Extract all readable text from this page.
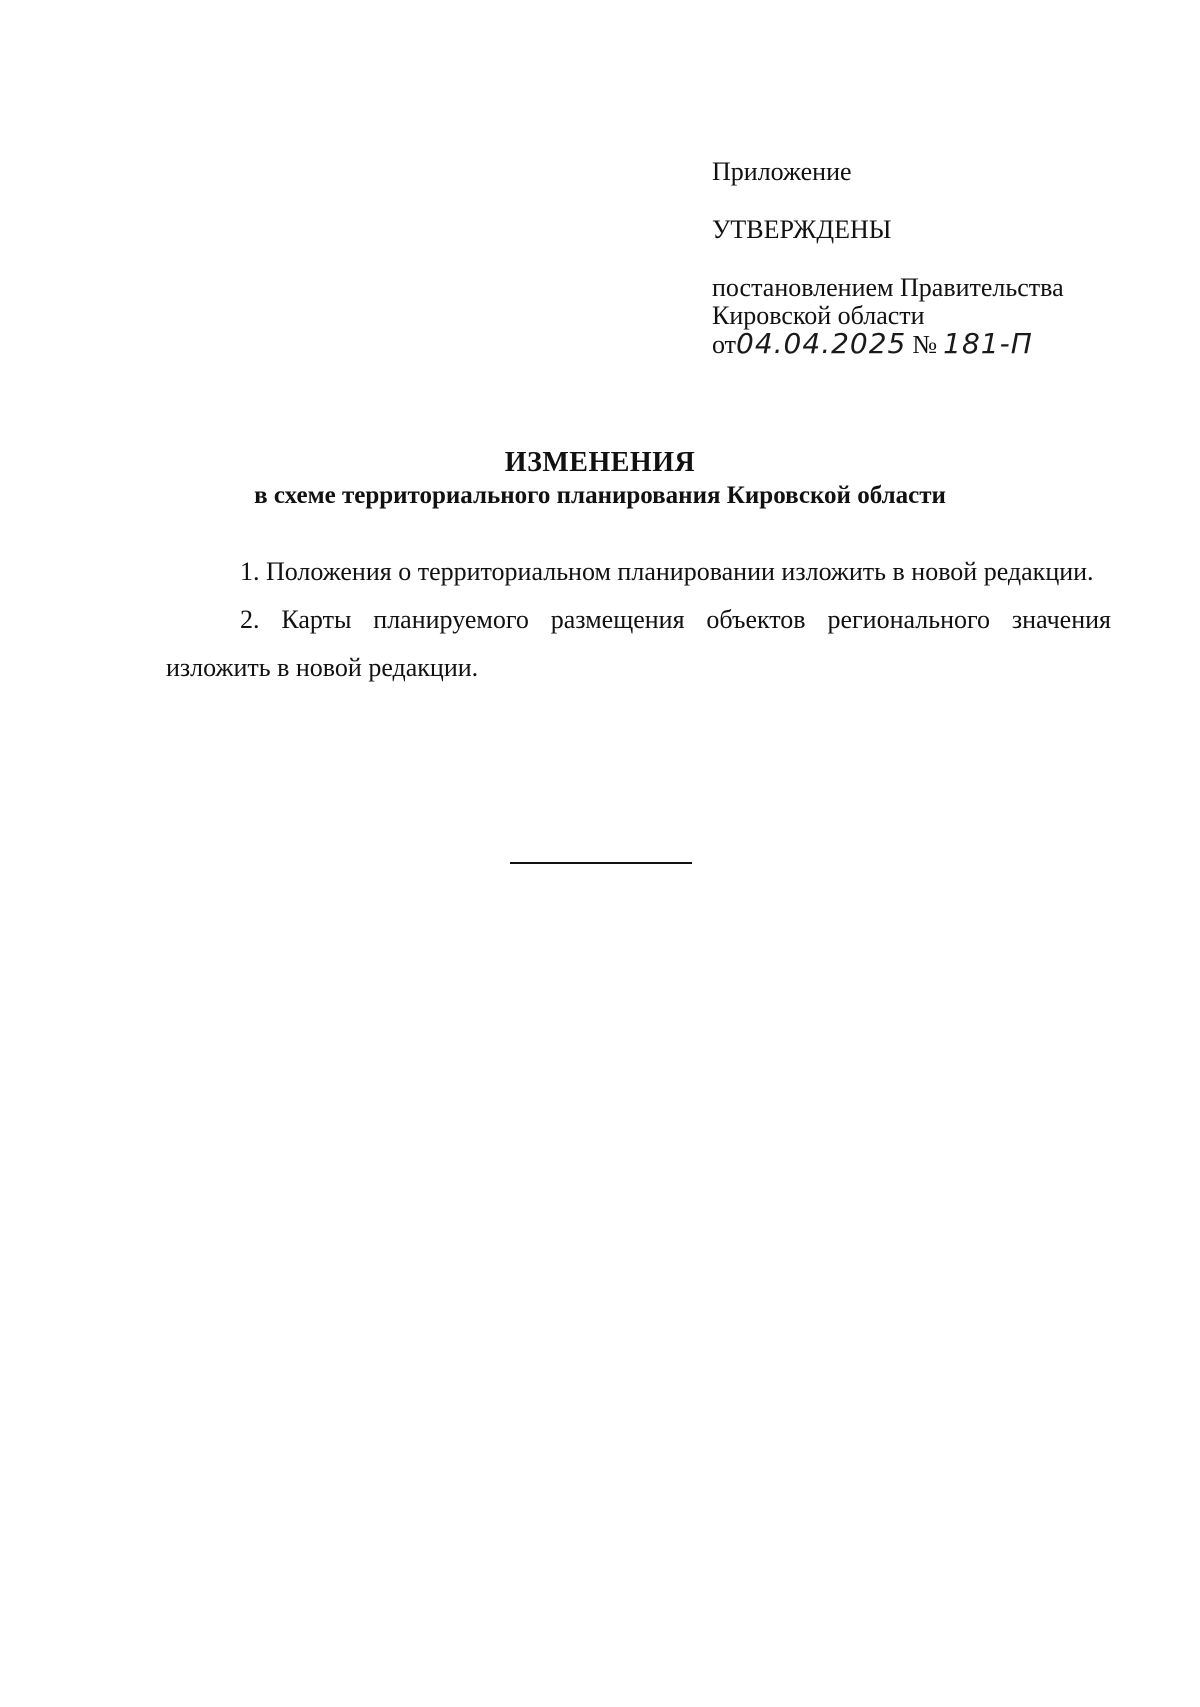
Приложение
УТВЕРЖДЕНЫ
постановлением Правительства
Кировской области
от04.04.2025 № 181-П
ИЗМЕНЕНИЯ
в схеме территориального планирования Кировской области

1. Положения о территориальном планировании изложить в новой редакции.

2. Карты планируемого размещения объектов регионального значения изложить в новой редакции.
